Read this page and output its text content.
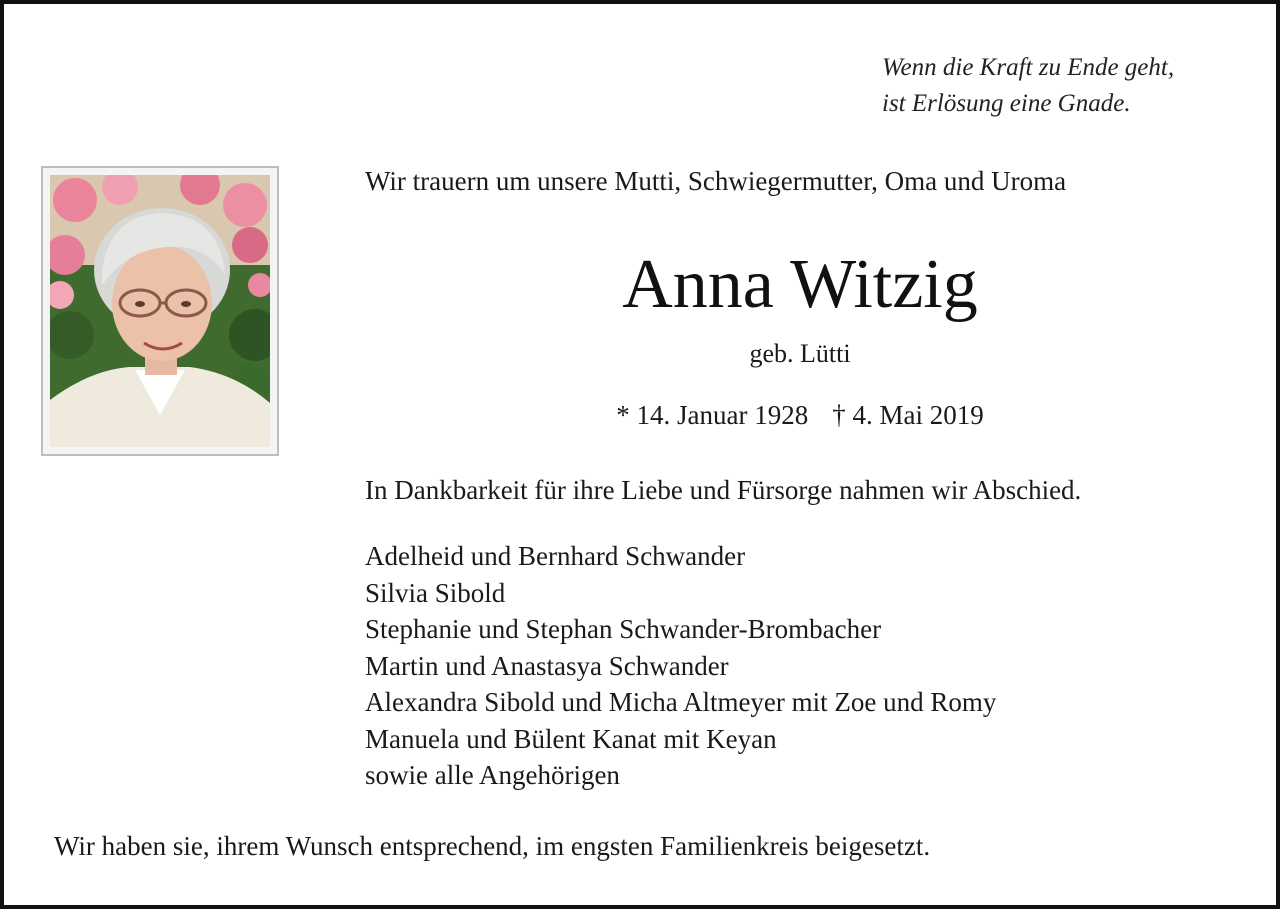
Wenn die Kraft zu Ende geht,
ist Erlösung eine Gnade.
Wir trauern um unsere Mutti, Schwiegermutter, Oma und Uroma
Anna Witzig
geb. Lütti
* 14. Januar 1928 † 4. Mai 2019
In Dankbarkeit für ihre Liebe und Fürsorge nahmen wir Abschied.
Adelheid und Bernhard Schwander
Silvia Sibold
Stephanie und Stephan Schwander-Brombacher
Martin und Anastasya Schwander
Alexandra Sibold und Micha Altmeyer mit Zoe und Romy
Manuela und Bülent Kanat mit Keyan
sowie alle Angehörigen
Wir haben sie, ihrem Wunsch entsprechend, im engsten Familienkreis beigesetzt.
